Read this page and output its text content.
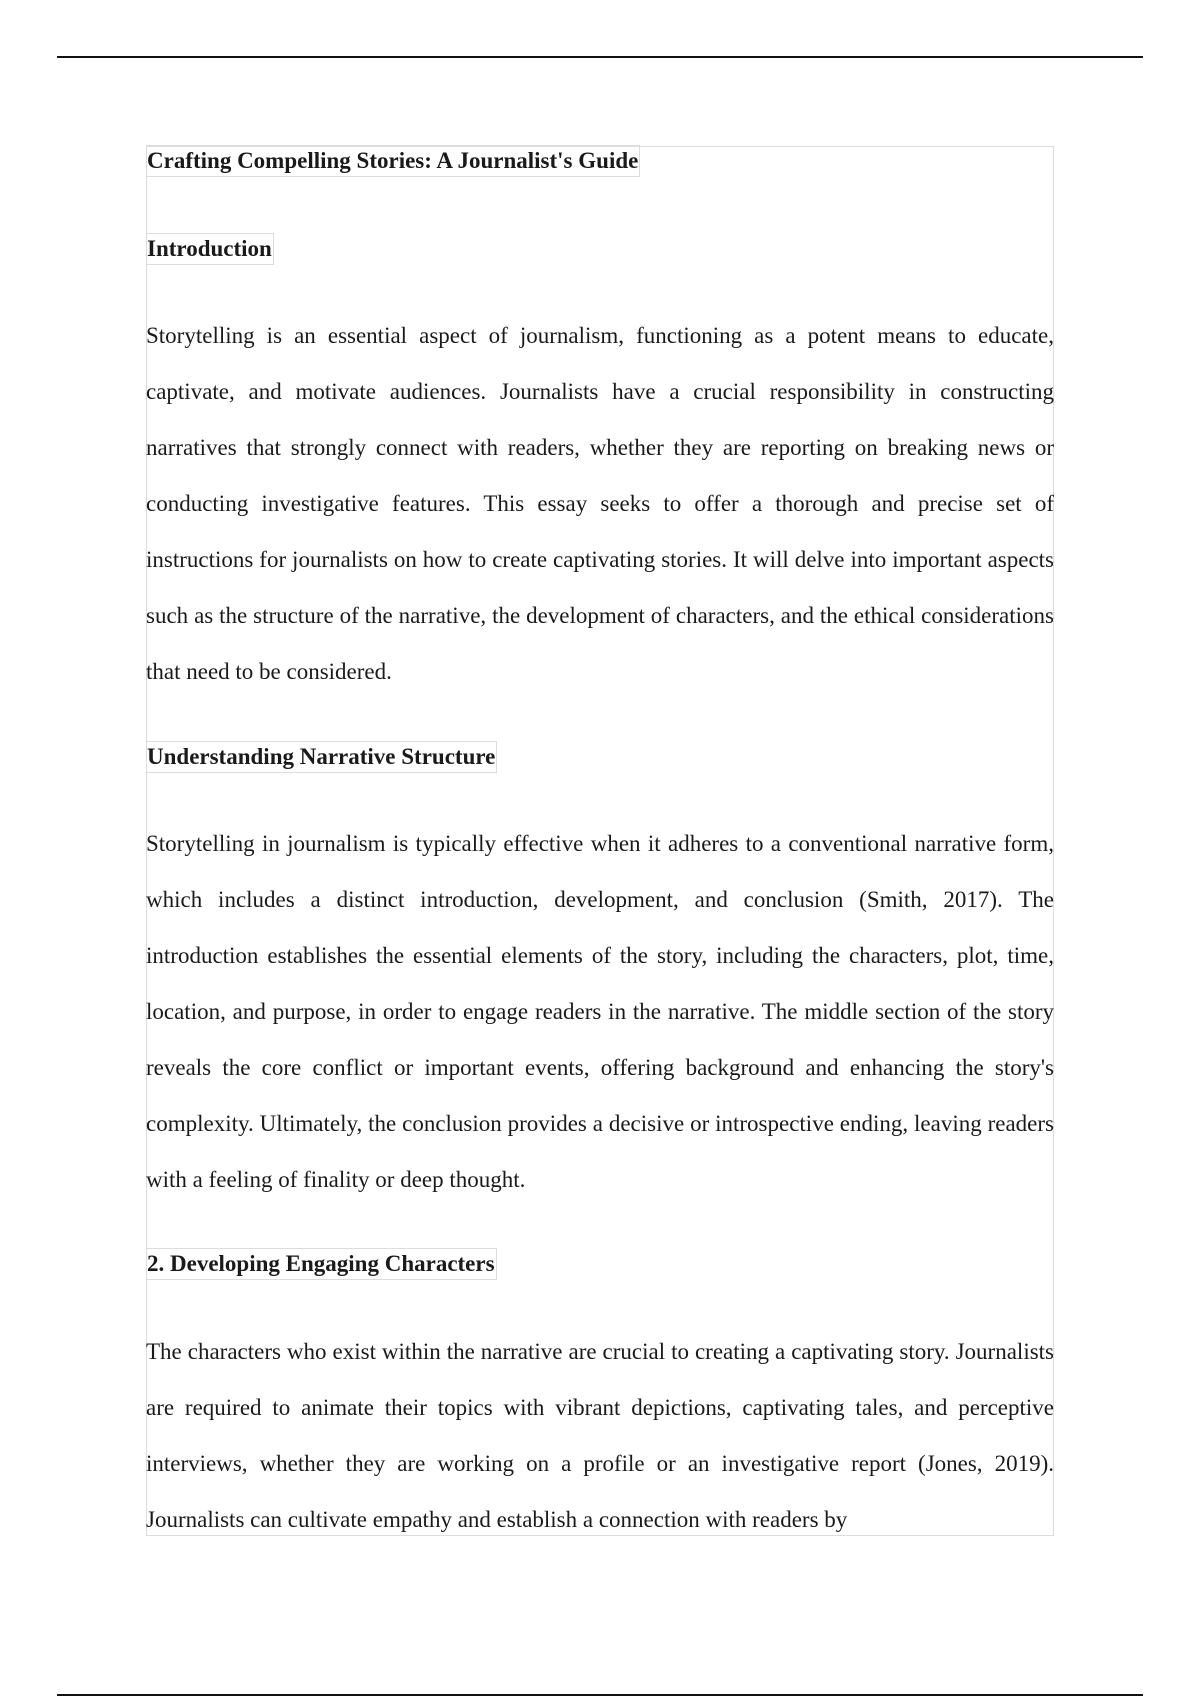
Crafting Compelling Stories: A Journalist's Guide
Introduction

Storytelling is an essential aspect of journalism, functioning as a potent means to educate, captivate, and motivate audiences. Journalists have a crucial responsibility in constructing narratives that strongly connect with readers, whether they are reporting on breaking news or conducting investigative features. This essay seeks to offer a thorough and precise set of instructions for journalists on how to create captivating stories. It will delve into important aspects such as the structure of the narrative, the development of characters, and the ethical considerations that need to be considered.

Understanding Narrative Structure

Storytelling in journalism is typically effective when it adheres to a conventional narrative form, which includes a distinct introduction, development, and conclusion (Smith, 2017). The introduction establishes the essential elements of the story, including the characters, plot, time, location, and purpose, in order to engage readers in the narrative. The middle section of the story reveals the core conflict or important events, offering background and enhancing the story's complexity. Ultimately, the conclusion provides a decisive or introspective ending, leaving readers with a feeling of finality or deep thought.

2. Developing Engaging Characters

The characters who exist within the narrative are crucial to creating a captivating story. Journalists are required to animate their topics with vibrant depictions, captivating tales, and perceptive interviews, whether they are working on a profile or an investigative report (Jones, 2019). Journalists can cultivate empathy and establish a connection with readers by
